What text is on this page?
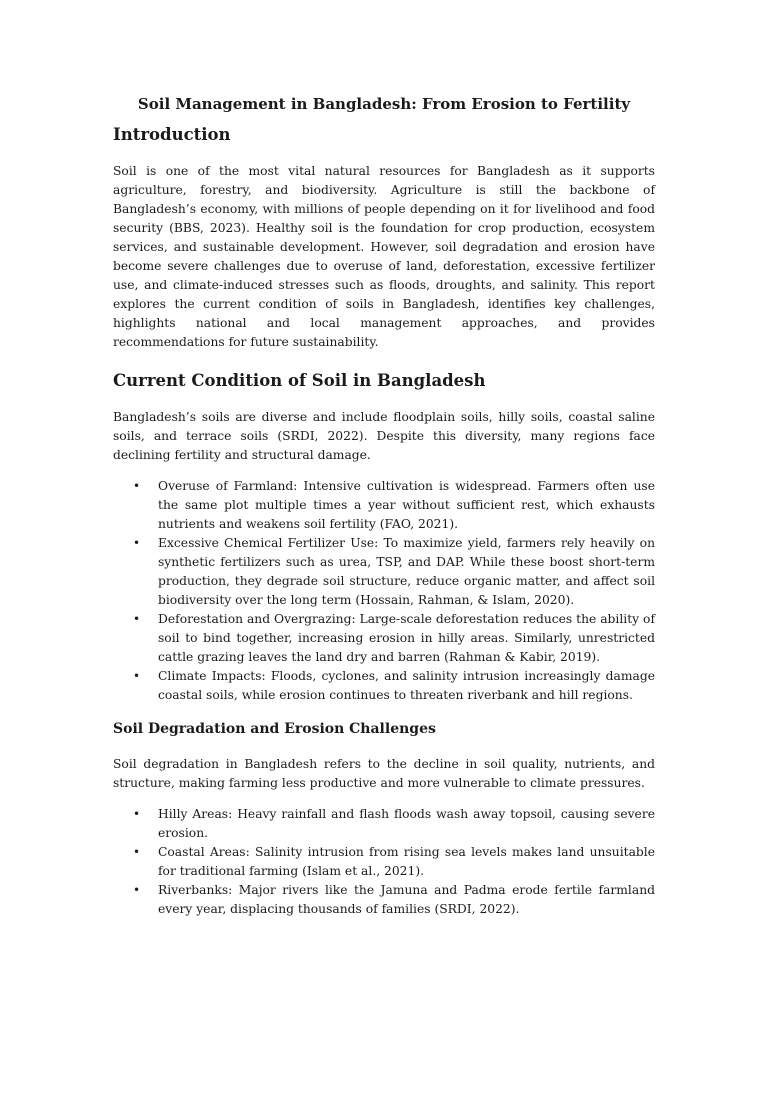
Soil Management in Bangladesh: From Erosion to Fertility
Introduction

Soil is one of the most vital natural resources for Bangladesh as it supports agriculture, forestry, and biodiversity. Agriculture is still the backbone of Bangladesh’s economy, with millions of people depending on it for livelihood and food security (BBS, 2023). Healthy soil is the foundation for crop production, ecosystem services, and sustainable development. However, soil degradation and erosion have become severe challenges due to overuse of land, deforestation, excessive fertilizer use, and climate-induced stresses such as floods, droughts, and salinity. This report explores the current condition of soils in Bangladesh, identifies key challenges, highlights national and local management approaches, and provides recommendations for future sustainability.

Current Condition of Soil in Bangladesh

Bangladesh’s soils are diverse and include floodplain soils, hilly soils, coastal saline soils, and terrace soils (SRDI, 2022). Despite this diversity, many regions face declining fertility and structural damage.

• Overuse of Farmland: Intensive cultivation is widespread. Farmers often use the same plot multiple times a year without sufficient rest, which exhausts nutrients and weakens soil fertility (FAO, 2021).
• Excessive Chemical Fertilizer Use: To maximize yield, farmers rely heavily on synthetic fertilizers such as urea, TSP, and DAP. While these boost short-term production, they degrade soil structure, reduce organic matter, and affect soil biodiversity over the long term (Hossain, Rahman, & Islam, 2020).
• Deforestation and Overgrazing: Large-scale deforestation reduces the ability of soil to bind together, increasing erosion in hilly areas. Similarly, unrestricted cattle grazing leaves the land dry and barren (Rahman & Kabir, 2019).
• Climate Impacts: Floods, cyclones, and salinity intrusion increasingly damage coastal soils, while erosion continues to threaten riverbank and hill regions.
Soil Degradation and Erosion Challenges

Soil degradation in Bangladesh refers to the decline in soil quality, nutrients, and structure, making farming less productive and more vulnerable to climate pressures.

• Hilly Areas: Heavy rainfall and flash floods wash away topsoil, causing severe erosion.
• Coastal Areas: Salinity intrusion from rising sea levels makes land unsuitable for traditional farming (Islam et al., 2021).
• Riverbanks: Major rivers like the Jamuna and Padma erode fertile farmland every year, displacing thousands of families (SRDI, 2022).
